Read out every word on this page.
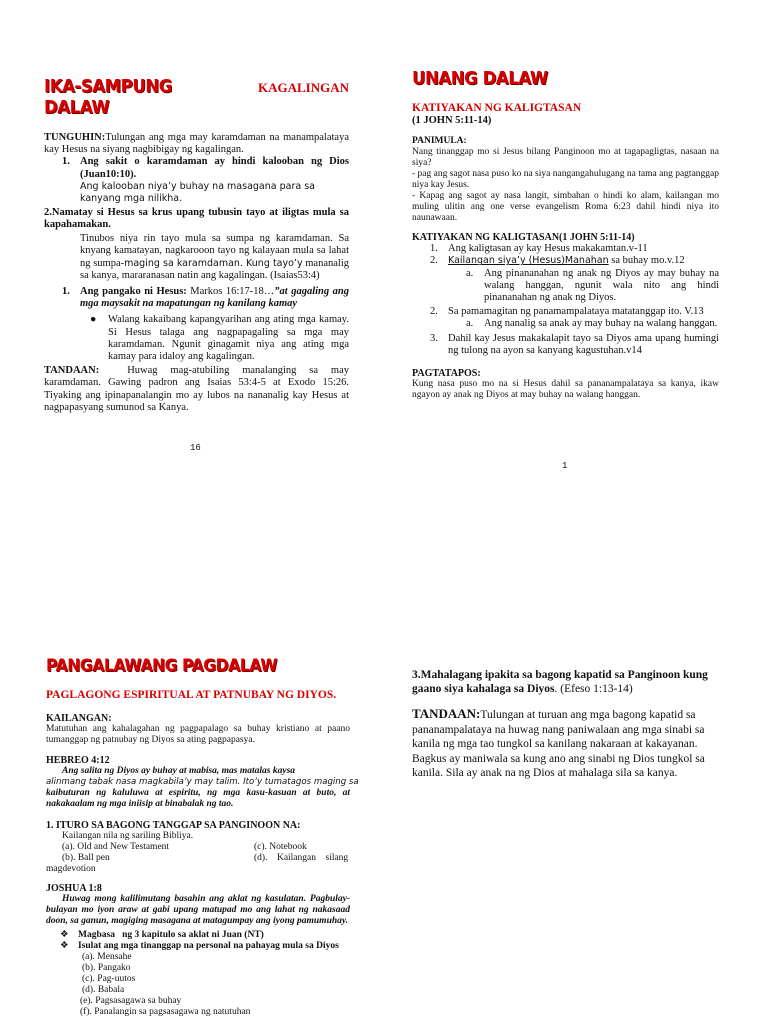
IKA-SAMPUNG DALAW
KAGALINGAN

TUNGUHIN:Tulungan ang mga may karamdaman na manampalataya kay Hesus na siyang nagbibigay ng kagalingan.

1. Ang sakit o karamdaman ay hindi kalooban ng Dios (Juan10:10).

Ang kalooban niya’y buhay na masagana para sa kanyang mga nilikha.

2.Namatay si Hesus sa krus upang tubusin tayo at iligtas mula sa kapahamakan.

Tinubos niya rin tayo mula sa sumpa ng karamdaman. Sa knyang kamatayan, nagkarooon tayo ng kalayaan mula sa lahat ng sumpa-maging sa karamdaman. Kung tayo’y mananalig sa kanya, mararanasan natin ang kagalingan. (Isaias53:4)

1. Ang pangako ni Hesus: Markos 16:17-18…”at gagaling ang mga maysakit na mapatungan ng kanilang kamay

●	Walang kakaibang kapangyarihan ang ating mga kamay. Si Hesus talaga ang nagpapagaling sa mga may karamdaman. Ngunit ginagamit niya ang ating mga kamay para idaloy ang kagalingan.

TANDAAN:	Huwag mag-atubiling manalanging sa may karamdaman. Gawing padron ang Isaias 53:4-5 at Exodo 15:26. Tiyaking ang ipinapanalangin mo ay lubos na nananalig kay Hesus at nagpapasyang sumunod sa Kanya.

16
UNANG DALAW
KATIYAKAN NG KALIGTASAN
(1 JOHN 5:11-14)

PANIMULA:

Nang tinanggap mo si Jesus bilang Panginoon mo at tagapagligtas, nasaan na siya?

- pag ang sagot nasa puso ko na siya nangangahulugang na tama ang pagtanggap niya kay Jesus.

- Kapag ang sagot ay nasa langit, simbahan o hindi ko alam, kailangan mo muling ulitin ang one verse evangelism Roma 6:23 dahil hindi niya ito naunawaan.

KATIYAKAN NG KALIGTASAN(1 JOHN 5:11-14)

1. Ang kaligtasan ay kay Hesus makakamtan.v-11

2.	Kailangan siya’y (Hesus)Manahan sa buhay mo.v.12

a.	Ang pinananahan ng anak ng Diyos ay may buhay na walang hanggan, ngunit wala nito ang hindi pinananahan ng anak ng Diyos.

2. Sa pamamagitan ng panamampalataya matatanggap ito. V.13

a.	Ang nanalig sa anak ay may buhay na walang hanggan.

3. Dahil kay Jesus makakalapit tayo sa Diyos ama upang humingi ng tulong na ayon sa kanyang kagustuhan.v14

PAGTATAPOS:

Kung nasa puso mo na si Hesus dahil sa pananampalataya sa kanya, ikaw ngayon ay anak ng Diyos at may buhay na walang hanggan.

1
PANGALAWANG PAGDALAW
PAGLAGONG ESPIRITUAL AT PATNUBAY NG DIYOS.

KAILANGAN:

Matutuhan ang kahalagahan ng pagpapalago sa buhay kristiano at paano tumanggap ng patnubay ng Diyos sa ating pagpapasya.

HEBREO 4:12

Ang salita ng Diyos ay buhay at mabisa, mas matalas kaysa

alinmang tabak nasa magkabila’y may talim. Ito’y tumatagos maging sa

kaibuturan ng kaluluwa at espiritu, ng mga kasu-kasuan at buto, at nakakaalam ng mga iniisip at binabalak ng tao.

1. ITURO SA BAGONG TANGGAP SA PANGINOON NA:

Kailangan nila ng sariling Bibliya.

(a). Old and New Testament	(c). Notebook

(b). Ball pen	(d).    Kailangan    silang

magdevotion

JOSHUA 1:8

Huwag mong kalilimutang basahin ang aklat ng kasulatan. Pagbulay-bulayan mo iyon araw at gabi upang matupad mo ang lahat ng nakasaad doon, sa ganun, magiging masagana at matagumpay ang iyong pamumuhay.

❖ Magbasa   ng 3 kapitulo sa aklat ni Juan (NT)

❖ Isulat ang mga tinanggap na personal na pahayag mula sa Diyos

(a). Mensahe

(b). Pangako

(c). Pag-uutos

(d). Babala

(e). Pagsasagawa sa buhay

(f). Panalangin sa pagsasagawa ng natutuhan

3.Mahalagang ipakita sa bagong kapatid sa Panginoon kung gaano siya kahalaga sa Diyos. (Efeso 1:13-14)

TANDAAN:Tulungan at turuan ang mga bagong kapatid sa pananampalataya na huwag nang paniwalaan ang mga sinabi sa kanila ng mga tao tungkol sa kanilang nakaraan at kakayanan. Bagkus ay maniwala sa kung ano ang sinabi ng Dios tungkol sa kanila. Sila ay anak na ng Dios at mahalaga sila sa kanya.
